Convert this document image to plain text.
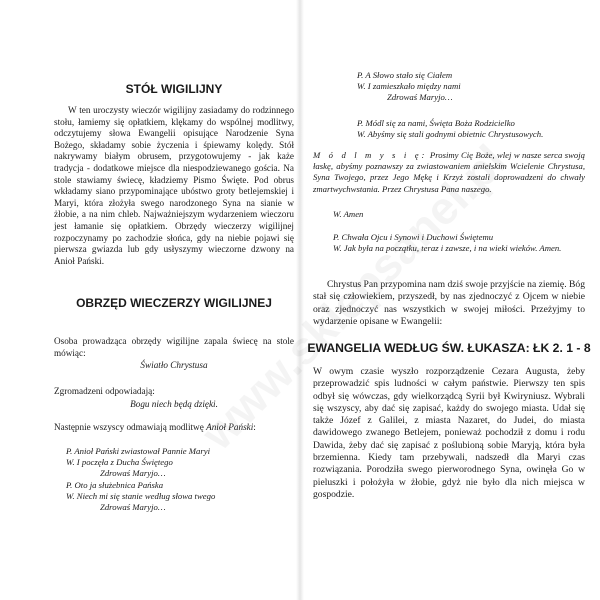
STÓŁ WIGILIJNY

W ten uroczysty wieczór wigilijny zasiadamy do rodzinnego stołu, łamiemy się opłatkiem, klękamy do wspólnej modlitwy, odczytujemy słowa Ewangelii opisujące Narodzenie Syna Bożego, składamy sobie życzenia i śpiewamy kolędy. Stół nakrywamy białym obrusem, przygotowujemy - jak każe tradycja - dodatkowe miejsce dla niespodziewanego gościa. Na stole stawiamy świecę, kładziemy Pismo Święte. Pod obrus wkładamy siano przypominające ubóstwo groty betlejemskiej i Maryi, która złożyła swego narodzonego Syna na sianie w żłobie, a na nim chleb. Najważniejszym wydarzeniem wieczoru jest łamanie się opłatkiem. Obrzędy wieczerzy wigilijnej rozpoczynamy po zachodzie słońca, gdy na niebie pojawi się pierwsza gwiazda lub gdy usłyszymy wieczorne dzwony na Anioł Pański.

OBRZĘD WIECZERZY WIGILIJNEJ

Osoba prowadząca obrzędy wigilijne zapala świecę na stole mówiąc:

Światło Chrystusa

Zgromadzeni odpowiadają:

Bogu niech będą dzięki.

Następnie wszyscy odmawiają modlitwę Anioł Pański:

P. Anioł Pański zwiastował Pannie Maryi

W. I poczęła z Ducha Świętego

Zdrowaś Maryjo…

P. Oto ja służebnica Pańska

W. Niech mi się stanie według słowa twego

Zdrowaś Maryjo…

P. A Słowo stało się Ciałem

W. I zamieszkało między nami

Zdrowaś Maryjo…

P. Módl się za nami, Święta Boża Rodzicielko

W. Abyśmy się stali godnymi obietnic Chrystusowych.

M ó d l m y s i ę: Prosimy Cię Boże, wlej w nasze serca swoją łaskę, abyśmy poznawszy za zwiastowaniem anielskim Wcielenie Chrystusa, Syna Twojego, przez Jego Mękę i Krzyż zostali doprowadzeni do chwały zmartwychwstania. Przez Chrystusa Pana naszego.

W. Amen

P. Chwała Ojcu i Synowi i Duchowi Świętemu

W. Jak była na początku, teraz i zawsze, i na wieki wieków. Amen.

Chrystus Pan przypomina nam dziś swoje przyjście na ziemię. Bóg stał się człowiekiem, przyszedł, by nas zjednoczyć z Ojcem w niebie oraz zjednoczyć nas wszystkich w swojej miłości. Przeżyjmy to wydarzenie opisane w Ewangelii:

EWANGELIA WEDŁUG ŚW. ŁUKASZA: ŁK 2. 1 - 8

W owym czasie wyszło rozporządzenie Cezara Augusta, żeby przeprowadzić spis ludności w całym państwie. Pierwszy ten spis odbył się wówczas, gdy wielkorządcą Syrii był Kwiryniusz. Wybrali się wszyscy, aby dać się zapisać, każdy do swojego miasta. Udał się także Józef z Galilei, z miasta Nazaret, do Judei, do miasta dawidowego zwanego Betlejem, ponieważ pochodził z domu i rodu Dawida, żeby dać się zapisać z poślubioną sobie Maryją, która była brzemienna. Kiedy tam przebywali, nadszedł dla Maryi czas rozwiązania. Porodziła swego pierworodnego Syna, owinęła Go w pieluszki i położyła w żłobie, gdyż nie było dla nich miejsca w gospodzie.
